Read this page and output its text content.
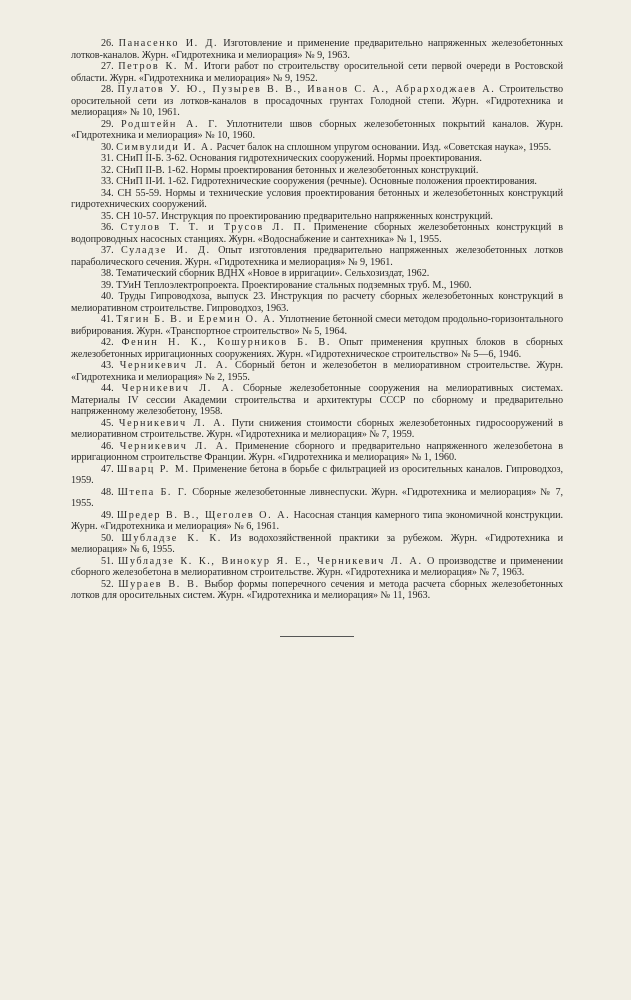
26. Панасенко И. Д. Изготовление и применение предварительно напряженных железобетонных лотков-каналов. Журн. «Гидротехника и мелиорация» № 9, 1963.

27. Петров К. М. Итоги работ по строительству оросительной сети первой очереди в Ростовской области. Журн. «Гидротехника и мелиорация» № 9, 1952.

28. Пулатов У. Ю., Пузырев В. В., Иванов С. А., Абрарходжаев А. Строительство оросительной сети из лотков-каналов в просадочных грунтах Голодной степи. Журн. «Гидротехника и мелиорация» № 10, 1961.

29. Родштейн А. Г. Уплотнители швов сборных железобетонных покрытий каналов. Журн. «Гидротехника и мелиорация» № 10, 1960.

30. Симвулиди И. А. Расчет балок на сплошном упругом основании. Изд. «Советская наука», 1955.

31. СНиП II-Б. 3-62. Основания гидротехнических сооружений. Нормы проектирования.

32. СНиП II-В. 1-62. Нормы проектирования бетонных и железобетонных конструкций.

33. СНиП II-И. 1-62. Гидротехнические сооружения (речные). Основные положения проектирования.

34. СН 55-59. Нормы и технические условия проектирования бетонных и железобетонных конструкций гидротехнических сооружений.

35. СН 10-57. Инструкция по проектированию предварительно напряженных конструкций.

36. Стулов Т. Т. и Трусов Л. П. Применение сборных железобетонных конструкций в водопроводных насосных станциях. Журн. «Водоснабжение и сантехника» № 1, 1955.

37. Суладзе И. Д. Опыт изготовления предварительно напряженных железобетонных лотков параболического сечения. Журн. «Гидротехника и мелиорация» № 9, 1961.

38. Тематический сборник ВДНХ «Новое в ирригации». Сельхозиздат, 1962.

39. ТУиН Теплоэлектропроекта. Проектирование стальных подземных труб. М., 1960.

40. Труды Гипроводхоза, выпуск 23. Инструкция по расчету сборных железобетонных конструкций в мелиоративном строительстве. Гипроводхоз, 1963.

41. Тягин Б. В. и Еремин О. А. Уплотнение бетонной смеси методом продольно-горизонтального вибрирования. Журн. «Транспортное строительство» № 5, 1964.

42. Фенин Н. К., Кошурников Б. В. Опыт применения крупных блоков в сборных железобетонных ирригационных сооружениях. Журн. «Гидротехническое строительство» № 5—6, 1946.

43. Черникевич Л. А. Сборный бетон и железобетон в мелиоративном строительстве. Журн. «Гидротехника и мелиорация» № 2, 1955.

44. Черникевич Л. А. Сборные железобетонные сооружения на мелиоративных системах. Материалы IV сессии Академии строительства и архитектуры СССР по сборному и предварительно напряженному железобетону, 1958.

45. Черникевич Л. А. Пути снижения стоимости сборных железобетонных гидросооружений в мелиоративном строительстве. Журн. «Гидротехника и мелиорация» № 7, 1959.

46. Черникевич Л. А. Применение сборного и предварительно напряженного железобетона в ирригационном строительстве Франции. Журн. «Гидротехника и мелиорация» № 1, 1960.

47. Шварц Р. М. Применение бетона в борьбе с фильтрацией из оросительных каналов. Гипроводхоз, 1959.

48. Штепа Б. Г. Сборные железобетонные ливнеспуски. Журн. «Гидротехника и мелиорация» № 7, 1955.

49. Шредер В. В., Щеголев О. А. Насосная станция камерного типа экономичной конструкции. Журн. «Гидротехника и мелиорация» № 6, 1961.

50. Шубладзе К. К. Из водохозяйственной практики за рубежом. Журн. «Гидротехника и мелиорация» № 6, 1955.

51. Шубладзе К. К., Винокур Я. Е., Черникевич Л. А. О производстве и применении сборного железобетона в мелиоративном строительстве. Журн. «Гидротехника и мелиорация» № 7, 1963.

52. Шураев В. В. Выбор формы поперечного сечения и метода расчета сборных железобетонных лотков для оросительных систем. Журн. «Гидротехника и мелиорация» № 11, 1963.
